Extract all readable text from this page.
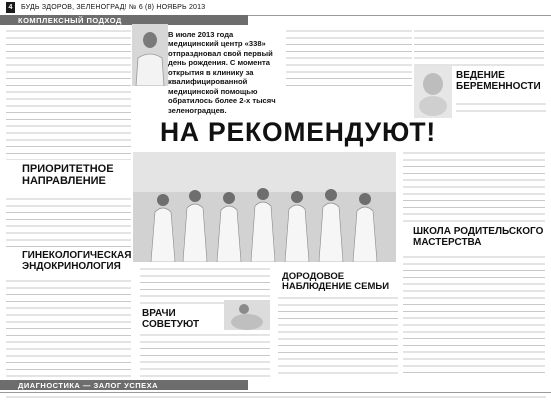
4	БУДЬ ЗДОРОВ, ЗЕЛЕНОГРАД! № 6 (8) НОЯБРЬ 2013
КОМПЛЕКСНЫЙ ПОДХОД
В июле 2013 года медицинский центр «338» отпраздновал свой первый день рождения. С момента открытия в клинику за квалифицированной медицинской помощью обратилось более 2-х тысяч зеленоградцев.
ВЕДЕНИЕ БЕРЕМЕННОСТИ
НА РЕКОМЕНДУЮТ!
ПРИОРИТЕТНОЕ НАПРАВЛЕНИЕ
ГИНЕКОЛОГИЧЕСКАЯ ЭНДОКРИНОЛОГИЯ
ДОРОДОВОЕ НАБЛЮДЕНИЕ СЕМЬИ
ВРАЧИ СОВЕТУЮТ
ШКОЛА РОДИТЕЛЬСКОГО МАСТЕРСТВА
ДИАГНОСТИКА — ЗАЛОГ УСПЕХА
